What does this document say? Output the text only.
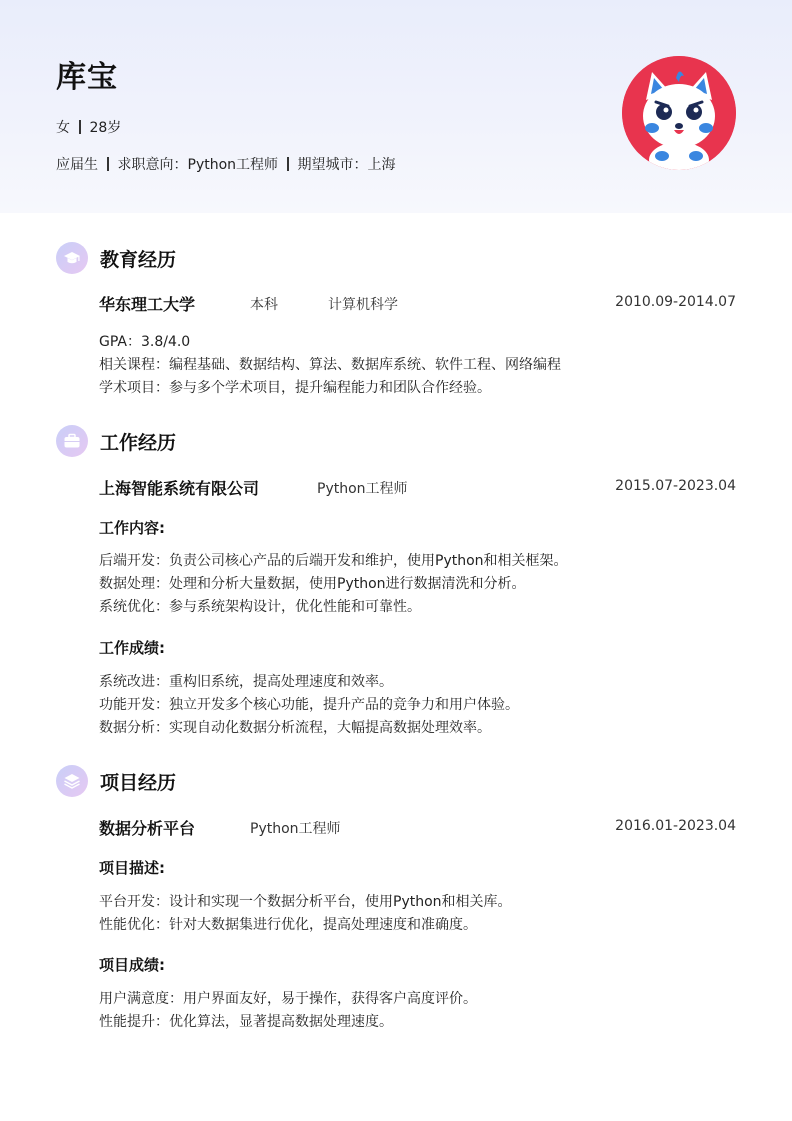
库宝
女 28岁
应届生 求职意向：Python工程师 期望城市：上海
教育经历
华东理工大学	本科	计算机科学	2010.09-2014.07
GPA：3.8/4.0
相关课程：编程基础、数据结构、算法、数据库系统、软件工程、网络编程
学术项目：参与多个学术项目，提升编程能力和团队合作经验。
工作经历
上海智能系统有限公司	Python工程师	2015.07-2023.04
工作内容:
后端开发：负责公司核心产品的后端开发和维护，使用Python和相关框架。
数据处理：处理和分析大量数据，使用Python进行数据清洗和分析。
系统优化：参与系统架构设计，优化性能和可靠性。
工作成绩:
系统改进：重构旧系统，提高处理速度和效率。
功能开发：独立开发多个核心功能，提升产品的竞争力和用户体验。
数据分析：实现自动化数据分析流程，大幅提高数据处理效率。
项目经历
数据分析平台	Python工程师	2016.01-2023.04
项目描述:
平台开发：设计和实现一个数据分析平台，使用Python和相关库。
性能优化：针对大数据集进行优化，提高处理速度和准确度。
项目成绩:
用户满意度：用户界面友好，易于操作，获得客户高度评价。
性能提升：优化算法，显著提高数据处理速度。
